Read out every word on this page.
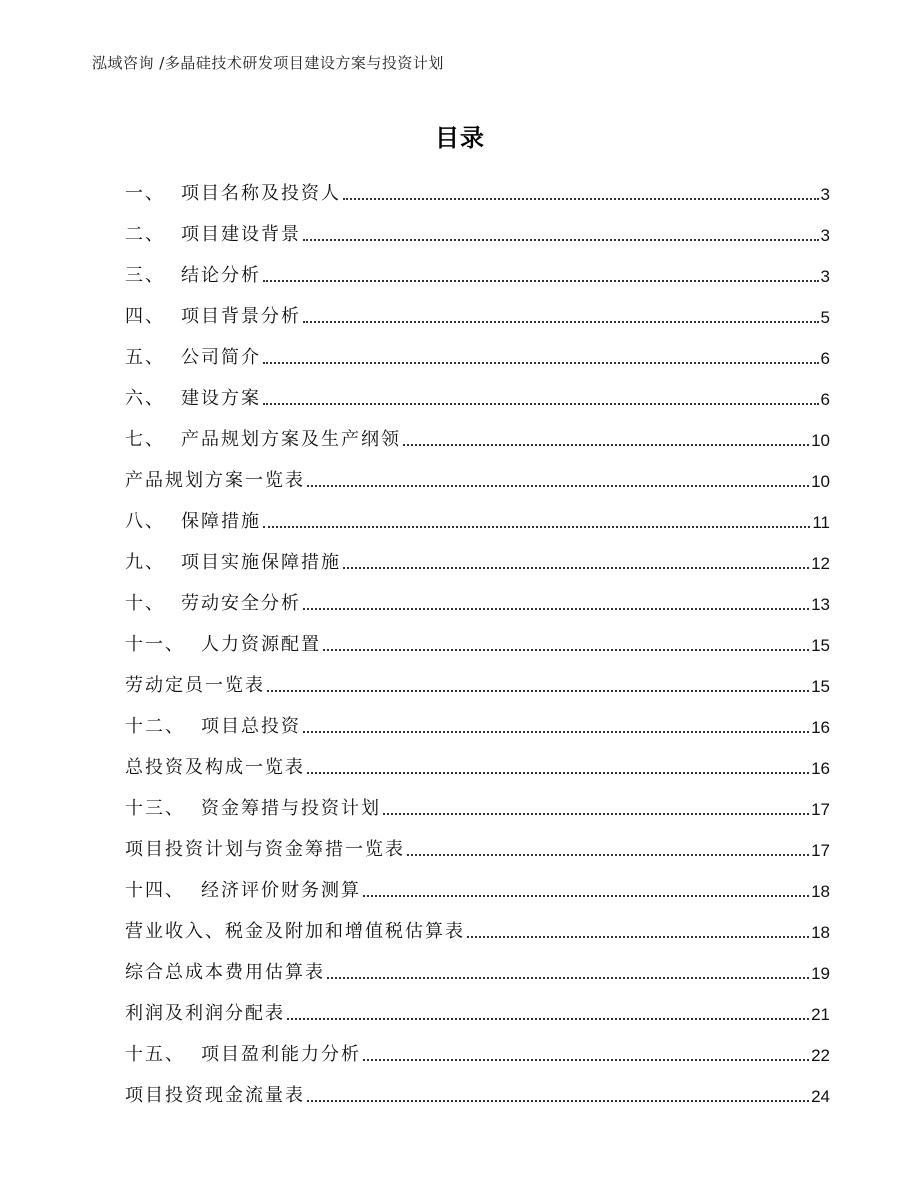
泓域咨询 /多晶硅技术研发项目建设方案与投资计划
目录
一、 项目名称及投资人	3
二、 项目建设背景	3
三、 结论分析	3
四、 项目背景分析	5
五、 公司简介	6
六、 建设方案	6
七、 产品规划方案及生产纲领	10
产品规划方案一览表	10
八、 保障措施	11
九、 项目实施保障措施	12
十、 劳动安全分析	13
十一、 人力资源配置	15
劳动定员一览表	15
十二、 项目总投资	16
总投资及构成一览表	16
十三、 资金筹措与投资计划	17
项目投资计划与资金筹措一览表	17
十四、 经济评价财务测算	18
营业收入、税金及附加和增值税估算表	18
综合总成本费用估算表	19
利润及利润分配表	21
十五、 项目盈利能力分析	22
项目投资现金流量表	24
